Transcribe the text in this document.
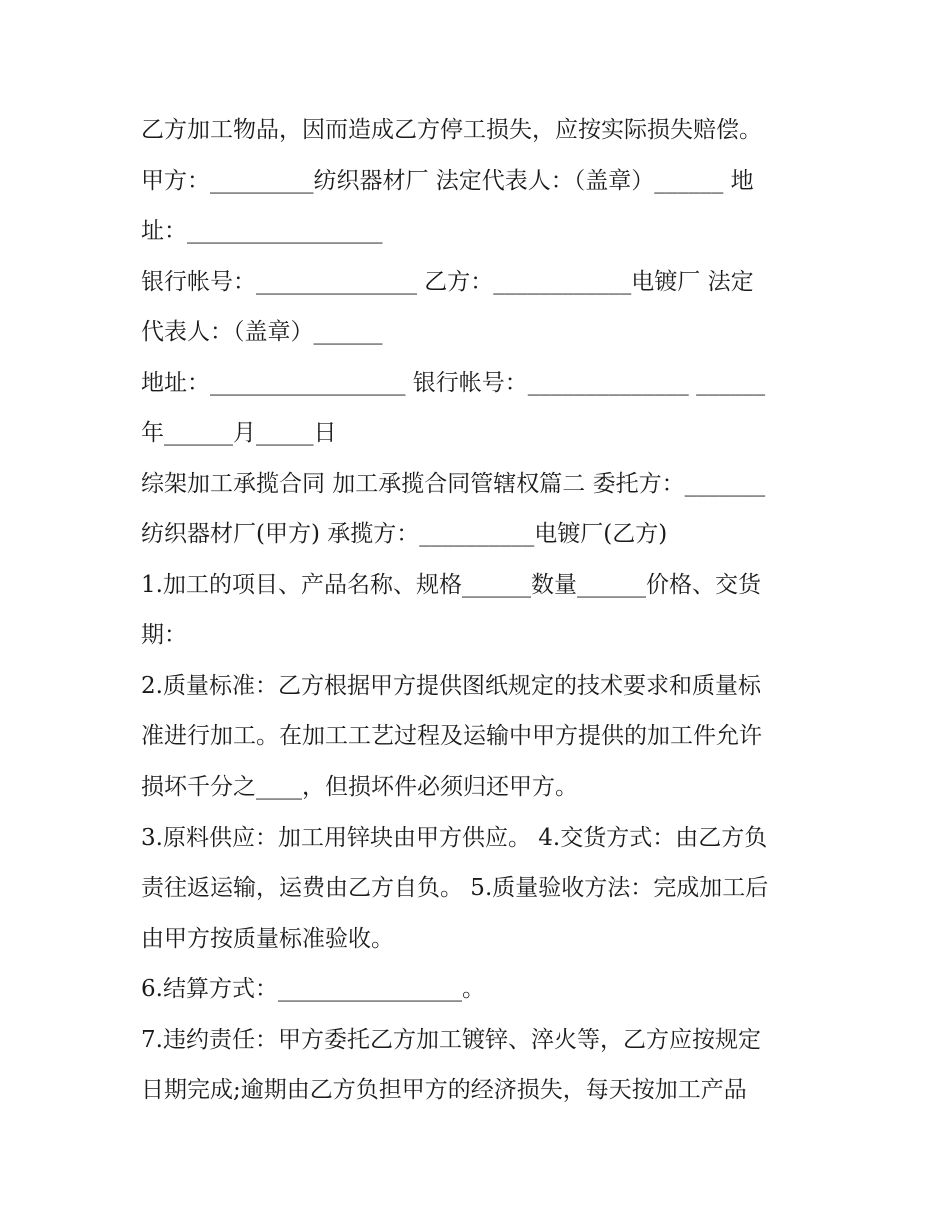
乙方加工物品，因而造成乙方停工损失，应按实际损失赔偿。
甲方：_________纺织器材厂 法定代表人：（盖章）______ 地
址：_________________
银行帐号：______________ 乙方：____________电镀厂 法定
代表人：（盖章）______
地址：_________________ 银行帐号：______________ ______
年______月_____日
综架加工承揽合同 加工承揽合同管辖权篇二 委托方：_______
纺织器材厂(甲方) 承揽方：__________电镀厂(乙方)
1.加工的项目、产品名称、规格______数量______价格、交货
期：
2.质量标准：乙方根据甲方提供图纸规定的技术要求和质量标
准进行加工。在加工工艺过程及运输中甲方提供的加工件允许
损坏千分之____，但损坏件必须归还甲方。
3.原料供应：加工用锌块由甲方供应。 4.交货方式：由乙方负
责往返运输，运费由乙方自负。 5.质量验收方法：完成加工后
由甲方按质量标准验收。
6.结算方式：________________。
7.违约责任：甲方委托乙方加工镀锌、淬火等，乙方应按规定
日期完成;逾期由乙方负担甲方的经济损失，每天按加工产品
